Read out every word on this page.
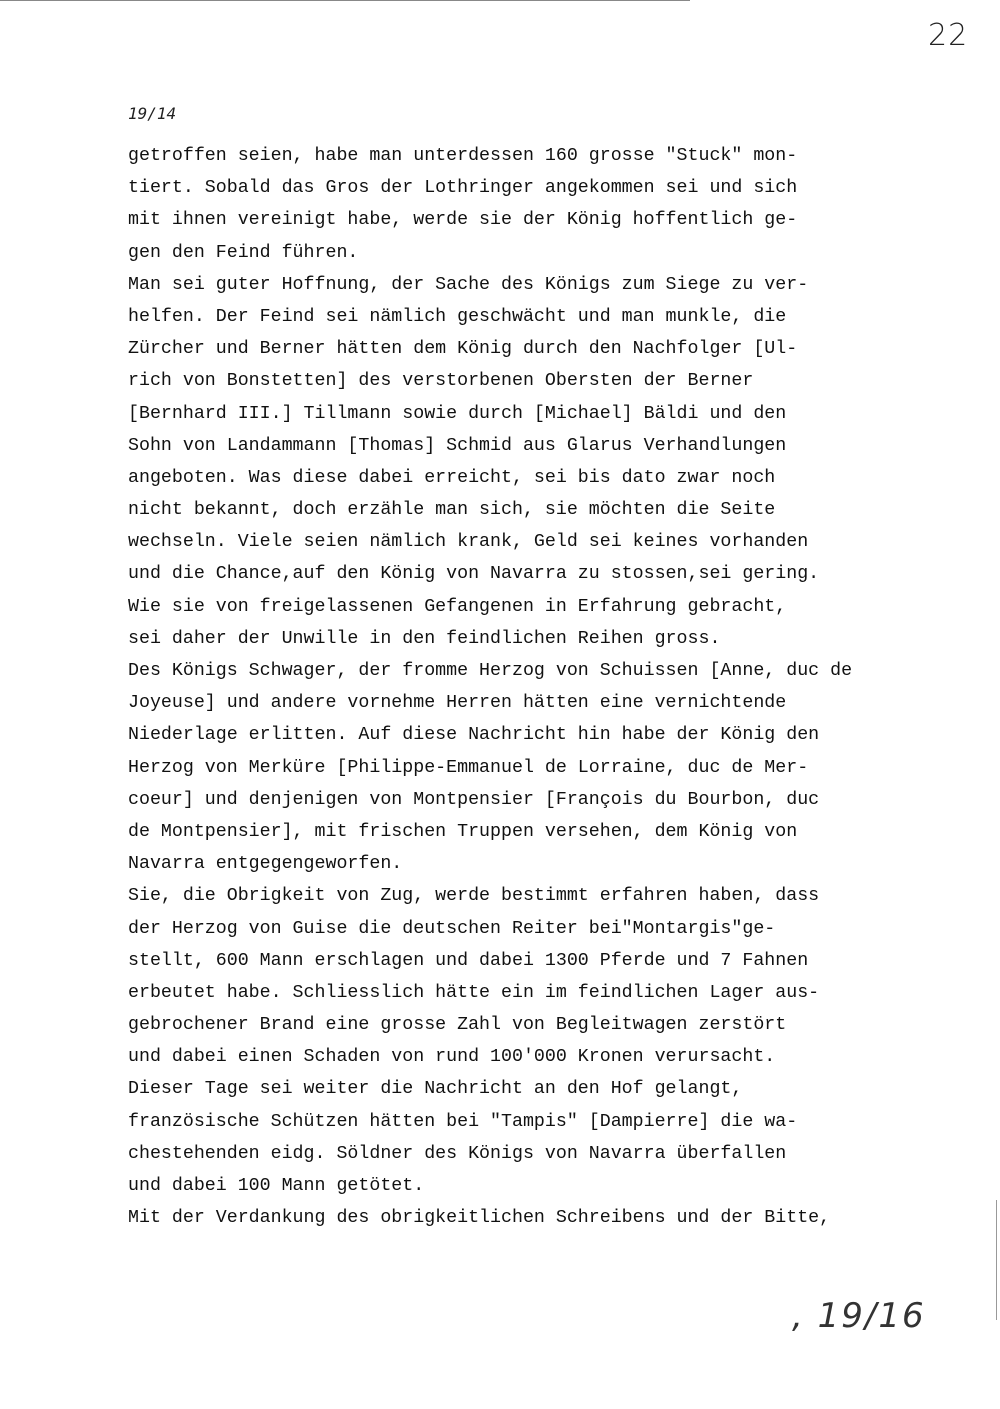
22
19/14
getroffen seien, habe man unterdessen 160 grosse "Stuck" mon-
tiert. Sobald das Gros der Lothringer angekommen sei und sich
mit ihnen vereinigt habe, werde sie der König hoffentlich ge-
gen den Feind führen.
Man sei guter Hoffnung, der Sache des Königs zum Siege zu ver-
helfen. Der Feind sei nämlich geschwächt und man munkle, die
Zürcher und Berner hätten dem König durch den Nachfolger [Ul-
rich von Bonstetten] des verstorbenen Obersten der Berner
[Bernhard III.] Tillmann sowie durch [Michael] Bäldi und den
Sohn von Landammann [Thomas] Schmid aus Glarus Verhandlungen
angeboten. Was diese dabei erreicht, sei bis dato zwar noch
nicht bekannt, doch erzähle man sich, sie möchten die Seite
wechseln. Viele seien nämlich krank, Geld sei keines vorhanden
und die Chance,auf den König von Navarra zu stossen,sei gering.
Wie sie von freigelassenen Gefangenen in Erfahrung gebracht,
sei daher der Unwille in den feindlichen Reihen gross.
Des Königs Schwager, der fromme Herzog von Schuissen [Anne, duc de
Joyeuse] und andere vornehme Herren hätten eine vernichtende
Niederlage erlitten. Auf diese Nachricht hin habe der König den
Herzog von Merküre [Philippe-Emmanuel de Lorraine, duc de Mer-
coeur] und denjenigen von Montpensier [François du Bourbon, duc
de Montpensier], mit frischen Truppen versehen, dem König von
Navarra entgegengeworfen.
Sie, die Obrigkeit von Zug, werde bestimmt erfahren haben, dass
der Herzog von Guise die deutschen Reiter bei"Montargis"ge-
stellt, 600 Mann erschlagen und dabei 1300 Pferde und 7 Fahnen
erbeutet habe. Schliesslich hätte ein im feindlichen Lager aus-
gebrochener Brand eine grosse Zahl von Begleitwagen zerstört
und dabei einen Schaden von rund 100'000 Kronen verursacht.
Dieser Tage sei weiter die Nachricht an den Hof gelangt,
französische Schützen hätten bei "Tampis" [Dampierre] die wa-
chestehenden eidg. Söldner des Königs von Navarra überfallen
und dabei 100 Mann getötet.
Mit der Verdankung des obrigkeitlichen Schreibens und der Bitte,
, 19/16
